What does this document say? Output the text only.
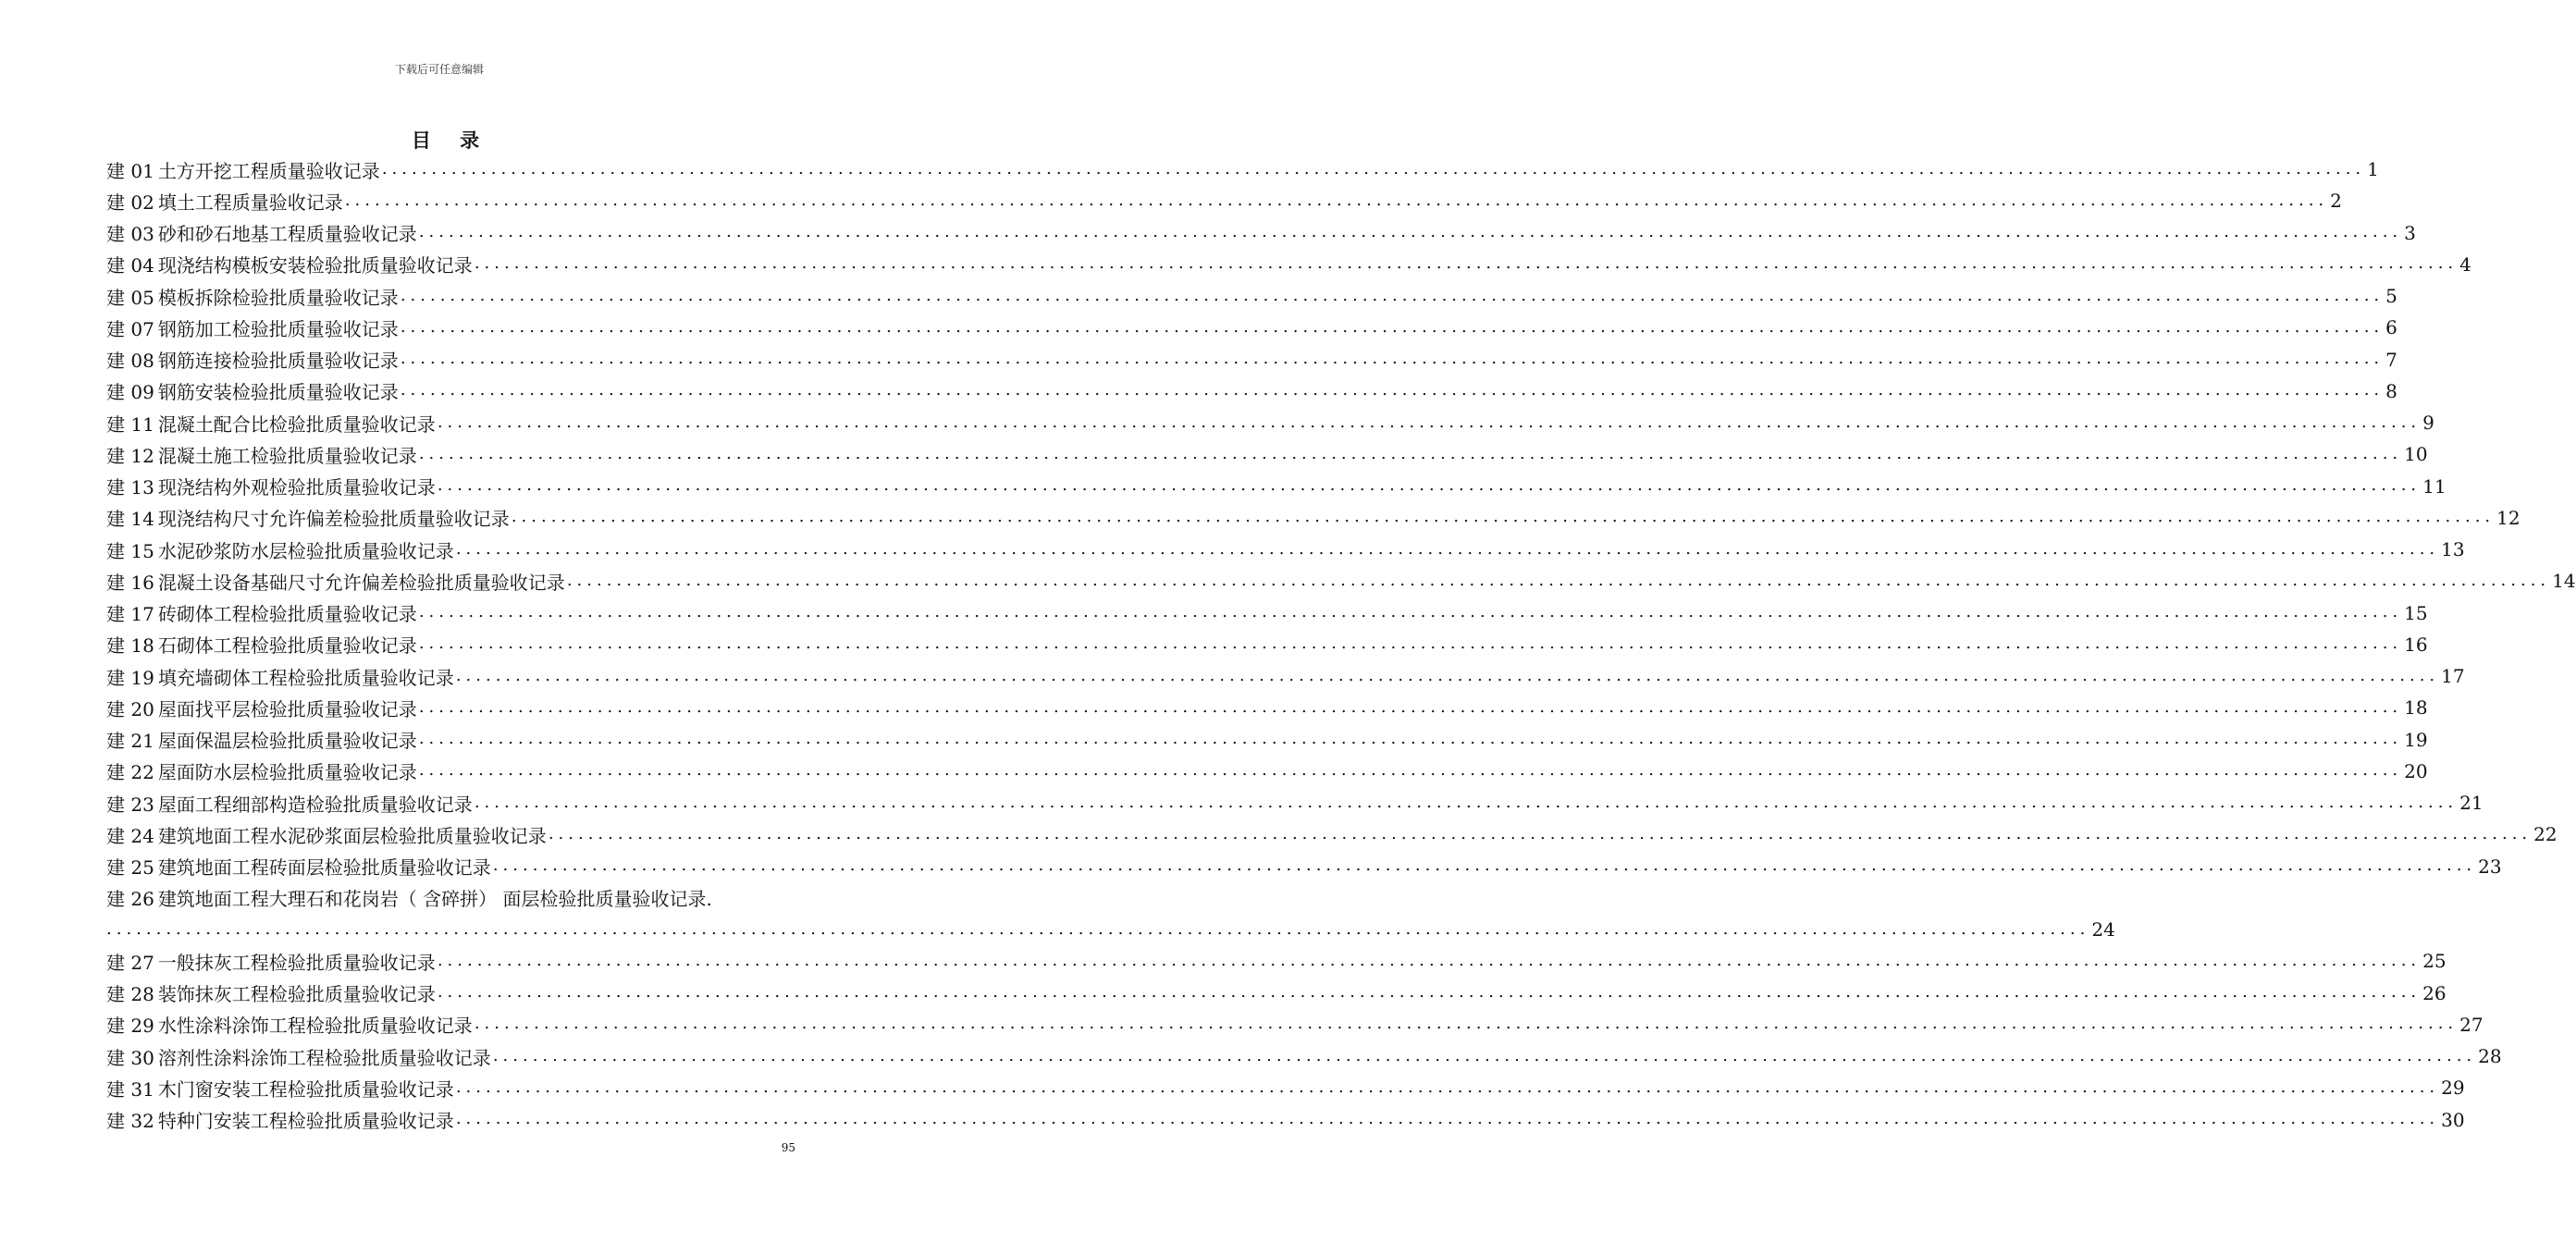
下载后可任意编辑
目 录
建 01 土方开挖工程质量验收记录 ........................................................................................................................................................................................................ 1
建 02 填土工程质量验收记录 ........................................................................................................................................................................................................ 2
建 03 砂和砂石地基工程质量验收记录 ........................................................................................................................................................................................................ 3
建 04 现浇结构模板安装检验批质量验收记录 ........................................................................................................................................................................................................ 4
建 05 模板拆除检验批质量验收记录 ........................................................................................................................................................................................................ 5
建 07 钢筋加工检验批质量验收记录 ........................................................................................................................................................................................................ 6
建 08 钢筋连接检验批质量验收记录 ........................................................................................................................................................................................................ 7
建 09 钢筋安装检验批质量验收记录 ........................................................................................................................................................................................................ 8
建 11 混凝土配合比检验批质量验收记录 ........................................................................................................................................................................................................ 9
建 12 混凝土施工检验批质量验收记录 ........................................................................................................................................................................................................ 10
建 13 现浇结构外观检验批质量验收记录 ........................................................................................................................................................................................................ 11
建 14 现浇结构尺寸允许偏差检验批质量验收记录 ........................................................................................................................................................................................................ 12
建 15 水泥砂浆防水层检验批质量验收记录 ........................................................................................................................................................................................................ 13
建 16 混凝土设备基础尺寸允许偏差检验批质量验收记录 ........................................................................................................................................................................................................ 14
建 17 砖砌体工程检验批质量验收记录 ........................................................................................................................................................................................................ 15
建 18 石砌体工程检验批质量验收记录 ........................................................................................................................................................................................................ 16
建 19 填充墙砌体工程检验批质量验收记录 ........................................................................................................................................................................................................ 17
建 20 屋面找平层检验批质量验收记录 ........................................................................................................................................................................................................ 18
建 21 屋面保温层检验批质量验收记录 ........................................................................................................................................................................................................ 19
建 22 屋面防水层检验批质量验收记录 ........................................................................................................................................................................................................ 20
建 23 屋面工程细部构造检验批质量验收记录 ........................................................................................................................................................................................................ 21
建 24 建筑地面工程水泥砂浆面层检验批质量验收记录 ........................................................................................................................................................................................................ 22
建 25 建筑地面工程砖面层检验批质量验收记录 ........................................................................................................................................................................................................ 23
建 26 建筑地面工程大理石和花岗岩（ 含碎拼） 面层检验批质量验收记录.
........................................................................................................................................................................................................ 24
建 27 一般抹灰工程检验批质量验收记录 ........................................................................................................................................................................................................ 25
建 28 装饰抹灰工程检验批质量验收记录 ........................................................................................................................................................................................................ 26
建 29 水性涂料涂饰工程检验批质量验收记录 ........................................................................................................................................................................................................ 27
建 30 溶剂性涂料涂饰工程检验批质量验收记录 ........................................................................................................................................................................................................ 28
建 31 木门窗安装工程检验批质量验收记录 ........................................................................................................................................................................................................ 29
建 32 特种门安装工程检验批质量验收记录 ........................................................................................................................................................................................................ 30
95
